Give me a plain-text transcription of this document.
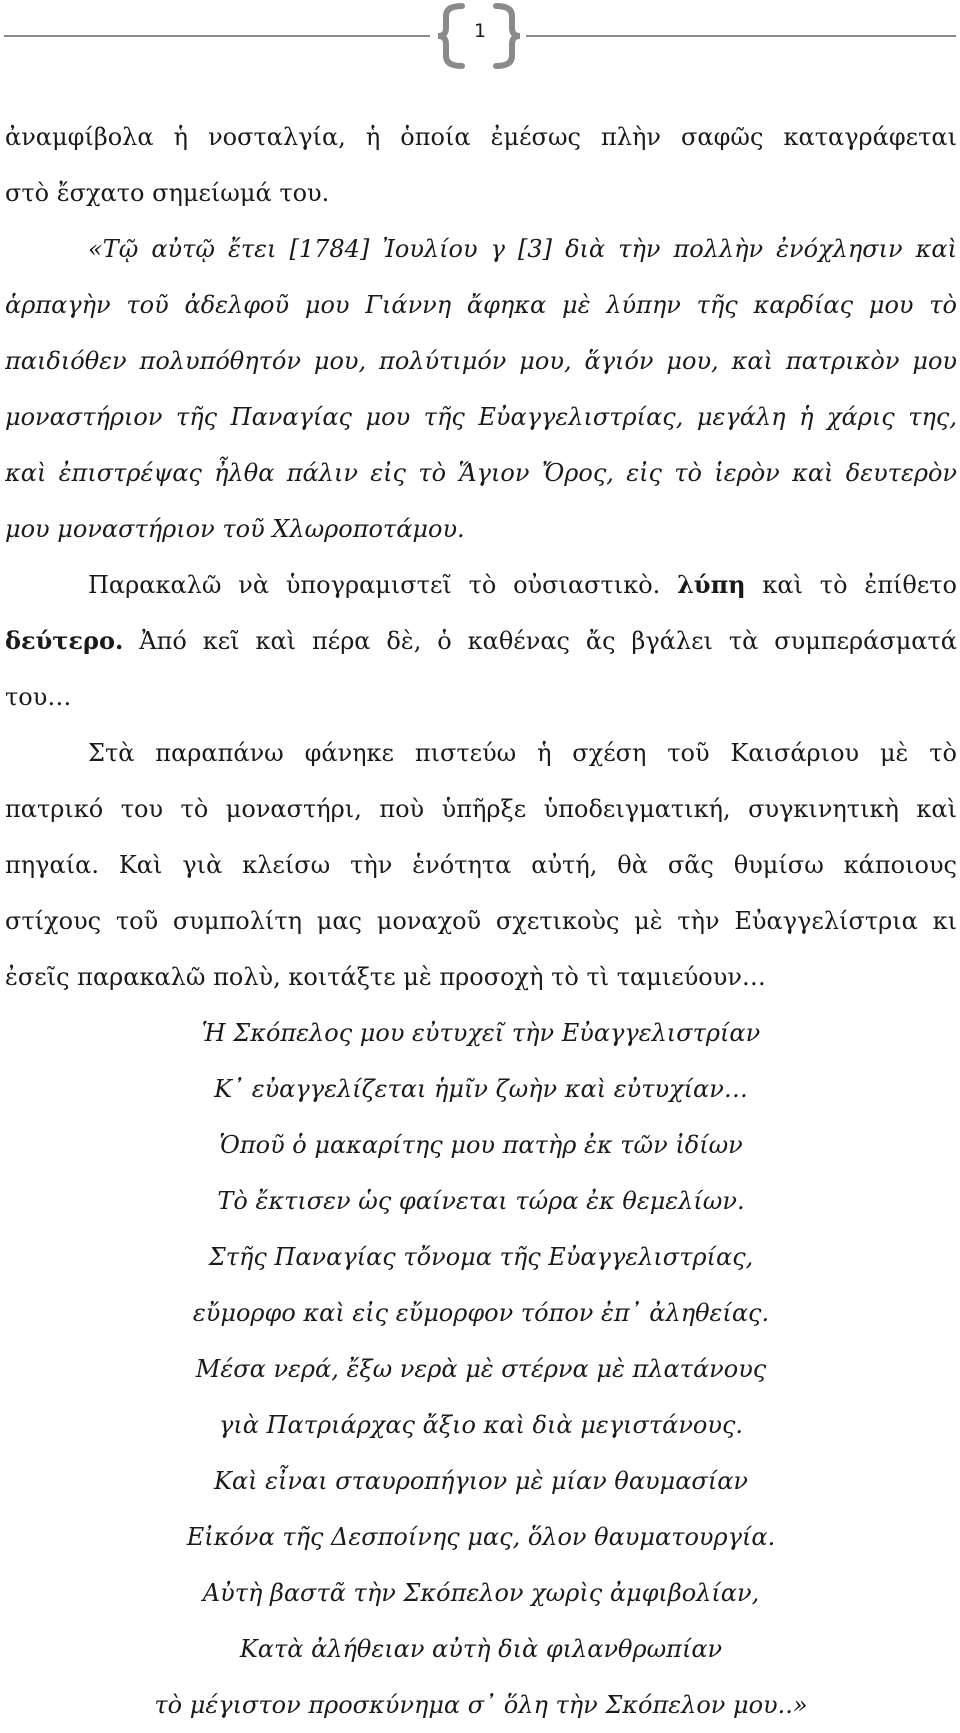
1
ἀναμφίβολα ἡ νοσταλγία, ἡ ὁποία ἐμέσως πλὴν σαφῶς καταγράφεται
στὸ ἔσχατο σημείωμά του.
«Τῷ αὐτῷ ἔτει [1784] Ἰουλίου γ [3] διὰ τὴν πολλὴν ἐνόχλησιν καὶ
ἁρπαγὴν τοῦ ἀδελφοῦ μου Γιάννη ἄφηκα μὲ λύπην τῆς καρδίας μου τὸ
παιδιόθεν πολυπόθητόν μου, πολύτιμόν μου, ἅγιόν μου, καὶ πατρικὸν μου
μοναστήριον τῆς Παναγίας μου τῆς Εὐαγγελιστρίας, μεγάλη ἡ χάρις της,
καὶ ἐπιστρέψας ἦλθα πάλιν εἰς τὸ Ἅγιον Ὄρος, εἰς τὸ ἱερὸν καὶ δευτερὸν
μου μοναστήριον τοῦ Χλωροποτάμου.
Παρακαλῶ νὰ ὑπογραμιστεῖ τὸ οὐσιαστικὸ. λύπη καὶ τὸ ἐπίθετο
δεύτερο. Ἀπό κεῖ καὶ πέρα δὲ, ὁ καθένας ἄς βγάλει τὰ συμπεράσματά
του…
Στὰ παραπάνω φάνηκε πιστεύω ἡ σχέση τοῦ Καισάριου μὲ τὸ
πατρικό του τὸ μοναστήρι, ποὺ ὑπῆρξε ὑποδειγματική, συγκινητικὴ καὶ
πηγαία. Καὶ γιὰ κλείσω τὴν ἑνότητα αὐτή, θὰ σᾶς θυμίσω κάποιους
στίχους τοῦ συμπολίτη μας μοναχοῦ σχετικοὺς μὲ τὴν Εὐαγγελίστρια κι
ἐσεῖς παρακαλῶ πολὺ, κοιτάξτε μὲ προσοχὴ τὸ τὶ ταμιεύουν…
Ἡ Σκόπελος μου εὐτυχεῖ τὴν Εὐαγγελιστρίαν
Κ᾽ εὐαγγελίζεται ἡμῖν ζωὴν καὶ εὐτυχίαν…
Ὁποῦ ὁ μακαρίτης μου πατὴρ ἐκ τῶν ἰδίων
Τὸ ἔκτισεν ὡς φαίνεται τώρα ἐκ θεμελίων.
Στῆς Παναγίας τὄνομα τῆς Εὐαγγελιστρίας,
εὔμορφο καὶ εἰς εὔμορφον τόπον ἐπ᾽ ἀληθείας.
Μέσα νερά, ἔξω νερὰ μὲ στέρνα μὲ πλατάνους
γιὰ Πατριάρχας ἄξιο καὶ διὰ μεγιστάνους.
Καὶ εἶναι σταυροπήγιον μὲ μίαν θαυμασίαν
Εἰκόνα τῆς Δεσποίνης μας, ὅλον θαυματουργία.
Αὐτὴ βαστᾶ τὴν Σκόπελον χωρὶς ἀμφιβολίαν,
Κατὰ ἀλήθειαν αὐτὴ διὰ φιλανθρωπίαν
τὸ μέγιστον προσκύνημα σ᾽ ὅλη τὴν Σκόπελον μου..»
